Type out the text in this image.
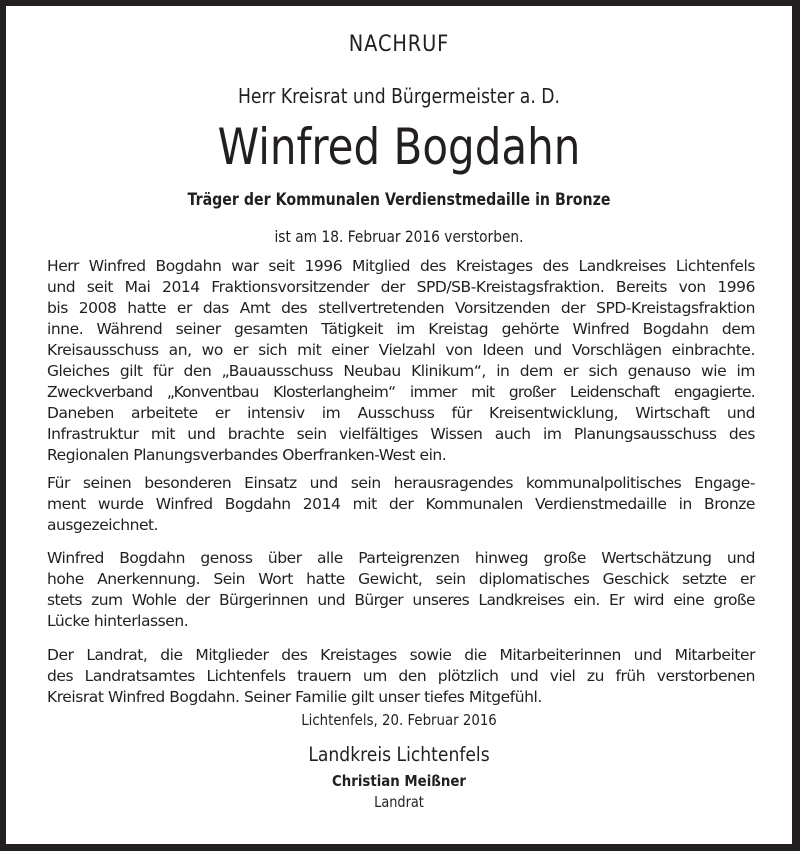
NACHRUF
Herr Kreisrat und Bürgermeister a. D.
Winfred Bogdahn
Träger der Kommunalen Verdienstmedaille in Bronze
ist am 18. Februar 2016 verstorben.
Herr Winfred Bogdahn war seit 1996 Mitglied des Kreistages des Landkreises Lichtenfels
und seit Mai 2014 Fraktionsvorsitzender der SPD/SB-Kreistagsfraktion. Bereits von 1996
bis 2008 hatte er das Amt des stellvertretenden Vorsitzenden der SPD-Kreistagsfraktion
inne. Während seiner gesamten Tätigkeit im Kreistag gehörte Winfred Bogdahn dem
Kreisausschuss an, wo er sich mit einer Vielzahl von Ideen und Vorschlägen einbrachte.
Gleiches gilt für den „Bauausschuss Neubau Klinikum“, in dem er sich genauso wie im
Zweckverband „Konventbau Klosterlangheim“ immer mit großer Leidenschaft engagierte.
Daneben arbeitete er intensiv im Ausschuss für Kreisentwicklung, Wirtschaft und
Infrastruktur mit und brachte sein vielfältiges Wissen auch im Planungsausschuss des
Regionalen Planungsverbandes Oberfranken-West ein.
Für seinen besonderen Einsatz und sein herausragendes kommunalpolitisches Engage-
ment wurde Winfred Bogdahn 2014 mit der Kommunalen Verdienstmedaille in Bronze
ausgezeichnet.
Winfred Bogdahn genoss über alle Parteigrenzen hinweg große Wertschätzung und
hohe Anerkennung. Sein Wort hatte Gewicht, sein diplomatisches Geschick setzte er
stets zum Wohle der Bürgerinnen und Bürger unseres Landkreises ein. Er wird eine große
Lücke hinterlassen.
Der Landrat, die Mitglieder des Kreistages sowie die Mitarbeiterinnen und Mitarbeiter
des Landratsamtes Lichtenfels trauern um den plötzlich und viel zu früh verstorbenen
Kreisrat Winfred Bogdahn. Seiner Familie gilt unser tiefes Mitgefühl.
Lichtenfels, 20. Februar 2016
Landkreis Lichtenfels
Christian Meißner
Landrat
